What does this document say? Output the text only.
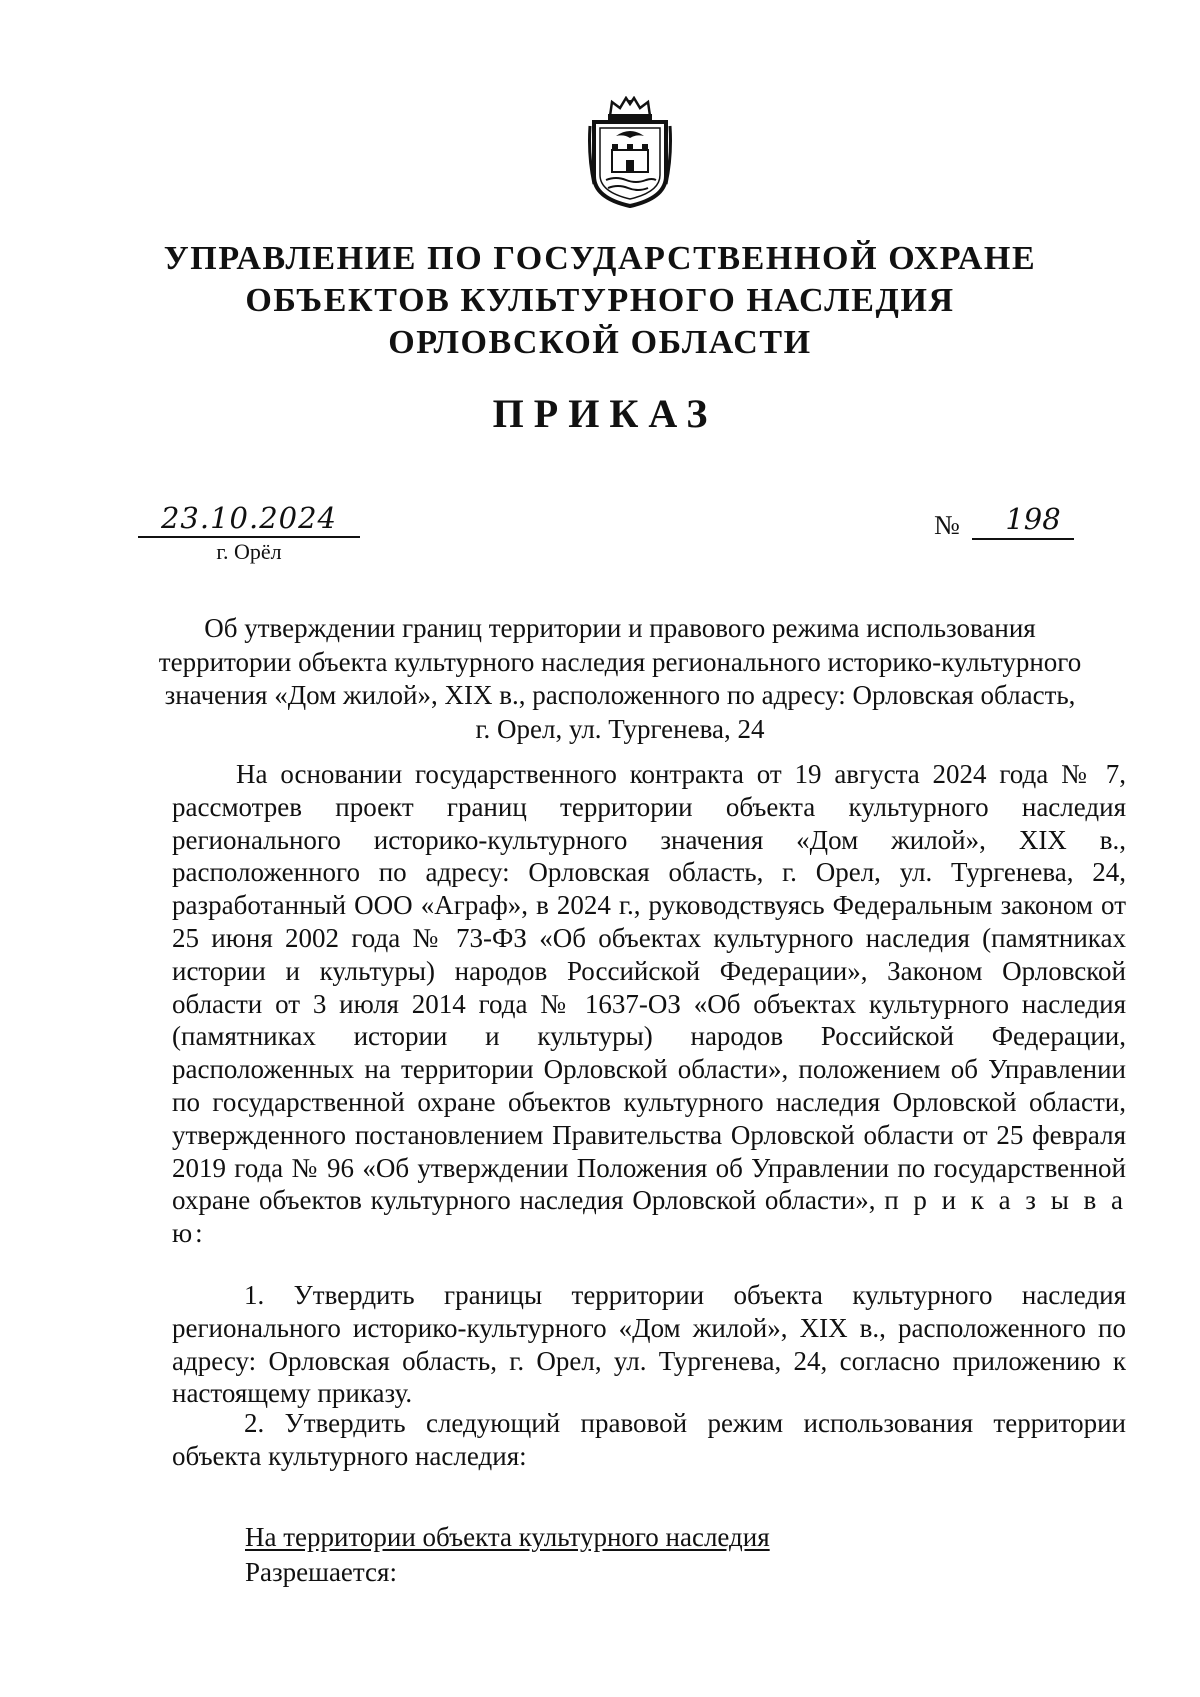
УПРАВЛЕНИЕ ПО ГОСУДАРСТВЕННОЙ ОХРАНЕ
ОБЪЕКТОВ КУЛЬТУРНОГО НАСЛЕДИЯ
ОРЛОВСКОЙ ОБЛАСТИ
ПРИКАЗ
23.10.2024
г. Орёл
№	198
Об утверждении границ территории и правового режима использования
территории объекта культурного наследия регионального историко-культурного
значения «Дом жилой», XIX в., расположенного по адресу: Орловская область,
г. Орел, ул. Тургенева, 24
На основании государственного контракта от 19 августа 2024 года № 7, рассмотрев проект границ территории объекта культурного наследия регионального историко-культурного значения «Дом жилой», XIX в., расположенного по адресу: Орловская область, г. Орел, ул. Тургенева, 24, разработанный ООО «Аграф», в 2024 г., руководствуясь Федеральным законом от 25 июня 2002 года № 73-ФЗ «Об объектах культурного наследия (памятниках истории и культуры) народов Российской Федерации», Законом Орловской области от 3 июля 2014 года № 1637-ОЗ «Об объектах культурного наследия (памятниках истории и культуры) народов Российской Федерации, расположенных на территории Орловской области», положением об Управлении по государственной охране объектов культурного наследия Орловской области, утвержденного постановлением Правительства Орловской области от 25 февраля 2019 года № 96 «Об утверждении Положения об Управлении по государственной охране объектов культурного наследия Орловской области», п р и к а з ы в а ю:
1. Утвердить границы территории объекта культурного наследия регионального историко-культурного «Дом жилой», XIX в., расположенного по адресу: Орловская область, г. Орел, ул. Тургенева, 24, согласно приложению к настоящему приказу.
2. Утвердить следующий правовой режим использования территории объекта культурного наследия:
На территории объекта культурного наследия
Разрешается:
